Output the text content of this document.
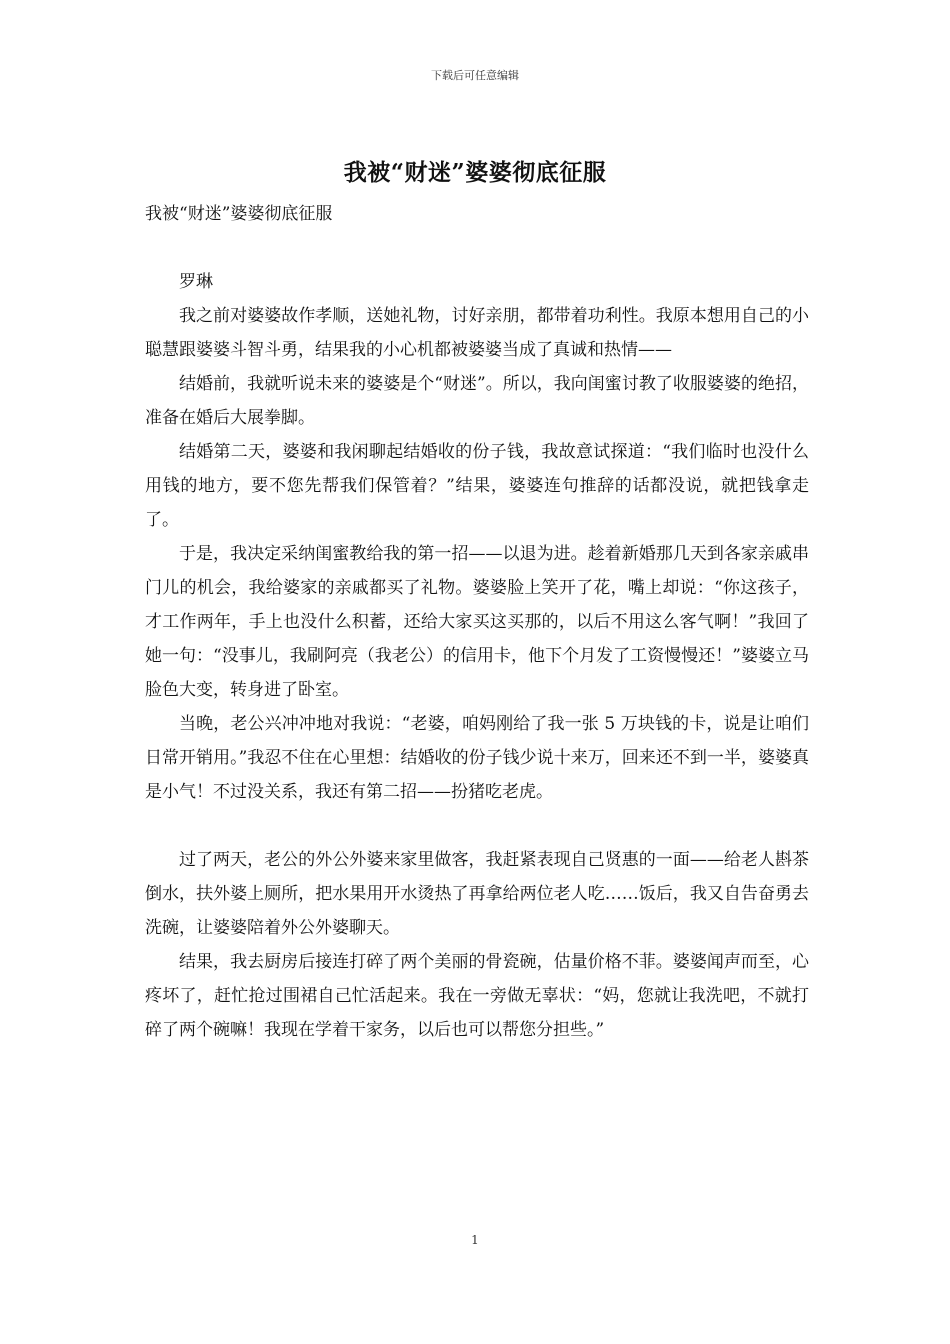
下载后可任意编辑
我被“财迷”婆婆彻底征服

我被“财迷”婆婆彻底征服

罗琳

我之前对婆婆故作孝顺，送她礼物，讨好亲朋，都带着功利性。我原本想用自己的小聪慧跟婆婆斗智斗勇，结果我的小心机都被婆婆当成了真诚和热情——

结婚前，我就听说未来的婆婆是个“财迷”。所以，我向闺蜜讨教了收服婆婆的绝招，准备在婚后大展拳脚。

结婚第二天，婆婆和我闲聊起结婚收的份子钱，我故意试探道：“我们临时也没什么用钱的地方，要不您先帮我们保管着？”结果，婆婆连句推辞的话都没说，就把钱拿走了。

于是，我决定采纳闺蜜教给我的第一招——以退为进。趁着新婚那几天到各家亲戚串门儿的机会，我给婆家的亲戚都买了礼物。婆婆脸上笑开了花，嘴上却说：“你这孩子，才工作两年，手上也没什么积蓄，还给大家买这买那的，以后不用这么客气啊！”我回了她一句：“没事儿，我刷阿亮（我老公）的信用卡，他下个月发了工资慢慢还！”婆婆立马脸色大变，转身进了卧室。

当晚，老公兴冲冲地对我说：“老婆，咱妈刚给了我一张 5 万块钱的卡，说是让咱们日常开销用。”我忍不住在心里想：结婚收的份子钱少说十来万，回来还不到一半，婆婆真是小气！不过没关系，我还有第二招——扮猪吃老虎。

过了两天，老公的外公外婆来家里做客，我赶紧表现自己贤惠的一面——给老人斟茶倒水，扶外婆上厕所，把水果用开水烫热了再拿给两位老人吃……饭后，我又自告奋勇去洗碗，让婆婆陪着外公外婆聊天。

结果，我去厨房后接连打碎了两个美丽的骨瓷碗，估量价格不菲。婆婆闻声而至，心疼坏了，赶忙抢过围裙自己忙活起来。我在一旁做无辜状：“妈，您就让我洗吧，不就打碎了两个碗嘛！我现在学着干家务，以后也可以帮您分担些。”

1
